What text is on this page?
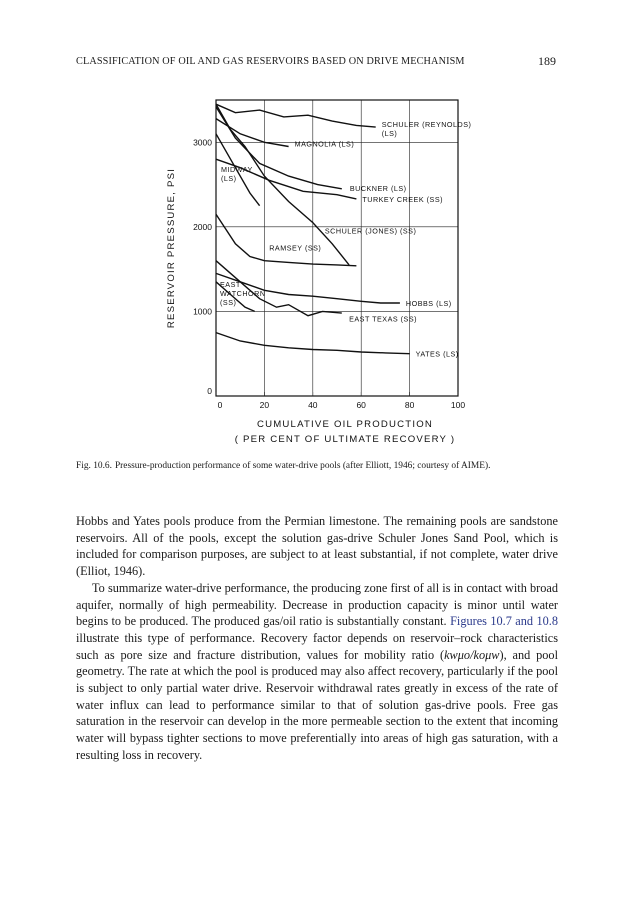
CLASSIFICATION OF OIL AND GAS RESERVOIRS BASED ON DRIVE MECHANISM	189
0	20	40	60	80	100
0
1000
2000
3000
CUMULATIVE OIL PRODUCTION
( PER CENT OF ULTIMATE RECOVERY )
RESERVOIR PRESSURE, PSI
SCHULER (REYNOLDS)
(LS)
MAGNOLIA (LS)
BUCKNER (LS)
TURKEY CREEK (SS)
MIDWAY
(LS)
SCHULER (JONES) (SS)
RAMSEY (SS)
HOBBS (LS)
EAST
WATCHORN
(SS)
EAST TEXAS (SS)
YATES (LS)
Fig. 10.6. Pressure-production performance of some water-drive pools (after Elliott, 1946; courtesy of AIME).

Hobbs and Yates pools produce from the Permian limestone. The remaining pools are sandstone reservoirs. All of the pools, except the solution gas-drive Schuler Jones Sand Pool, which is included for comparison purposes, are subject to at least substantial, if not complete, water drive (Elliot, 1946).

To summarize water-drive performance, the producing zone first of all is in contact with broad aquifer, normally of high permeability. Decrease in production capacity is minor until water begins to be produced. The produced gas/oil ratio is substantially constant. Figures 10.7 and 10.8 illustrate this type of performance. Recovery factor depends on reservoir–rock characteristics such as pore size and fracture distribution, values for mobility ratio (kwμo/koμw), and pool geometry. The rate at which the pool is produced may also affect recovery, particularly if the pool is subject to only partial water drive. Reservoir withdrawal rates greatly in excess of the rate of water influx can lead to performance similar to that of solution gas-drive pools. Free gas saturation in the reservoir can develop in the more permeable section to the extent that incoming water will bypass tighter sections to move preferentially into areas of high gas saturation, with a resulting loss in recovery.
